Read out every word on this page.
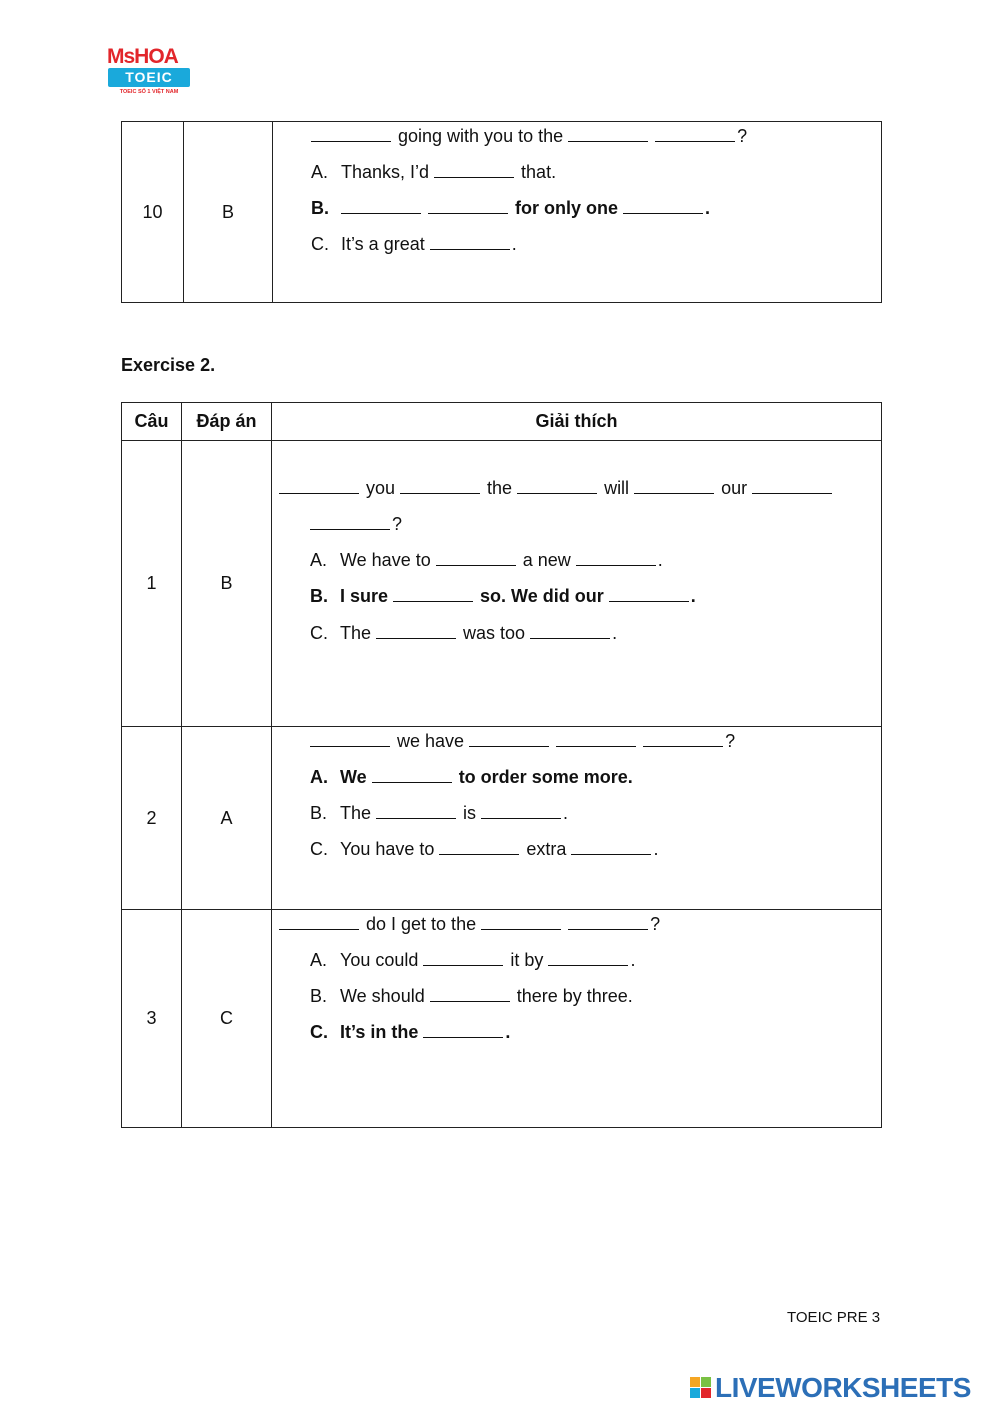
MsHOA
TOEIC
TOEIC SỐ 1 VIỆT NAM
10	B	
going with you to the	?
A. Thanks, I’d	that.
B.	for only one	.
C. It’s a great	.
Exercise 2.
Câu	Đáp án	Giải thích
1	B	you the will our
?
A. We have to a new .
B. I sure so. We did our .
C. The was too .

2	A	we have ?
A. We to order some more.
B. The is .
C. You have to extra .

3	C	do I get to the ?
A. You could it by .
B. We should there by three.
C. It’s in the .
TOEIC PRE 3
LIVEWORKSHEETS
